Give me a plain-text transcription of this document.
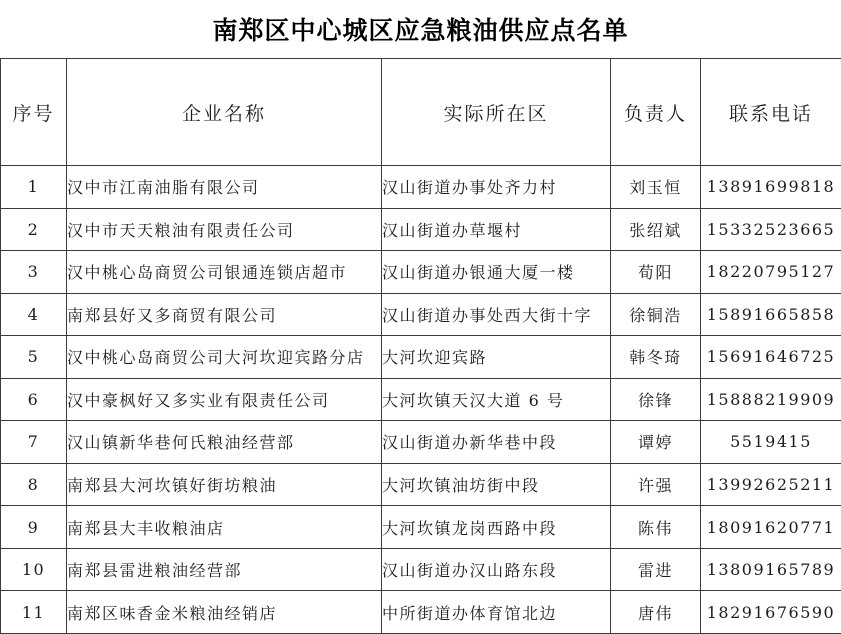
南郑区中心城区应急粮油供应点名单
序号	企业名称	实际所在区	负责人	联系电话
1	汉中市江南油脂有限公司	汉山街道办事处齐力村	刘玉恒	13891699818
2	汉中市天天粮油有限责任公司	汉山街道办草堰村	张绍斌	15332523665
3	汉中桃心岛商贸公司银通连锁店超市	汉山街道办银通大厦一楼	荀阳	18220795127
4	南郑县好又多商贸有限公司	汉山街道办事处西大街十字	徐铜浩	15891665858
5	汉中桃心岛商贸公司大河坎迎宾路分店	大河坎迎宾路	韩冬琦	15691646725
6	汉中豪枫好又多实业有限责任公司	大河坎镇天汉大道 6 号	徐锋	15888219909
7	汉山镇新华巷何氏粮油经营部	汉山街道办新华巷中段	谭婷	5519415
8	南郑县大河坎镇好街坊粮油	大河坎镇油坊街中段	许强	13992625211
9	南郑县大丰收粮油店	大河坎镇龙岗西路中段	陈伟	18091620771
10	南郑县雷进粮油经营部	汉山街道办汉山路东段	雷进	13809165789
11	南郑区味香金米粮油经销店	中所街道办体育馆北边	唐伟	18291676590
